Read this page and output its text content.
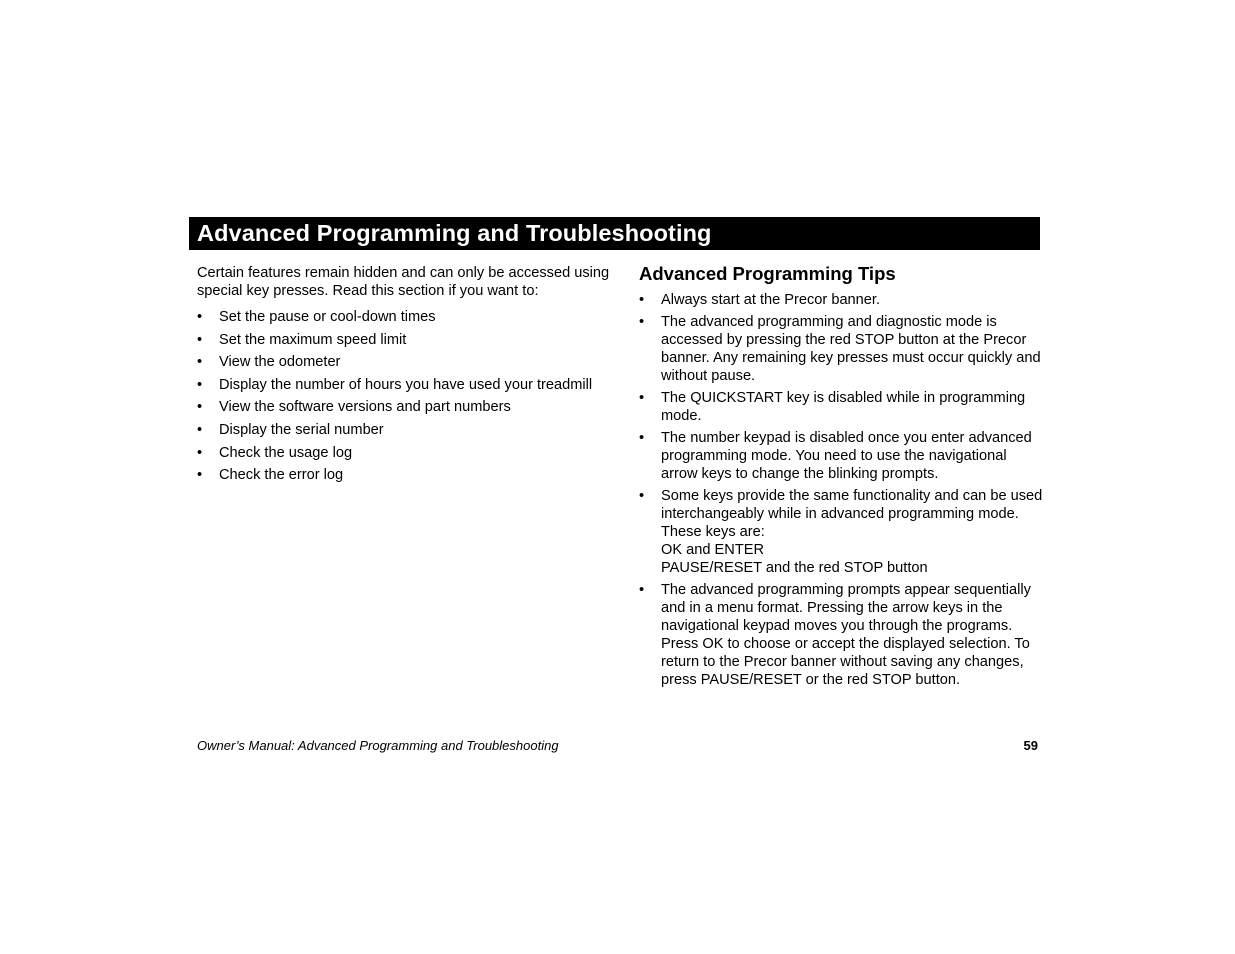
Advanced Programming and Troubleshooting

Certain features remain hidden and can only be accessed using special key presses. Read this section if you want to:

• Set the pause or cool-down times
• Set the maximum speed limit
• View the odometer
• Display the number of hours you have used your treadmill
• View the software versions and part numbers
• Display the serial number
• Check the usage log
• Check the error log
Advanced Programming Tips
• Always start at the Precor banner.
• The advanced programming and diagnostic mode is accessed by pressing the red STOP button at the Precor banner. Any remaining key presses must occur quickly and without pause.
• The QUICKSTART key is disabled while in programming mode.
• The number keypad is disabled once you enter advanced programming mode. You need to use the navigational arrow keys to change the blinking prompts.
• Some keys provide the same functionality and can be used interchangeably while in advanced programming mode. These keys are:
OK and ENTER
PAUSE/RESET and the red STOP button
• The advanced programming prompts appear sequentially and in a menu format. Pressing the arrow keys in the navigational keypad moves you through the programs. Press OK to choose or accept the displayed selection. To return to the Precor banner without saving any changes, press PAUSE/RESET or the red STOP button.
Owner’s Manual: Advanced Programming and Troubleshooting	59
